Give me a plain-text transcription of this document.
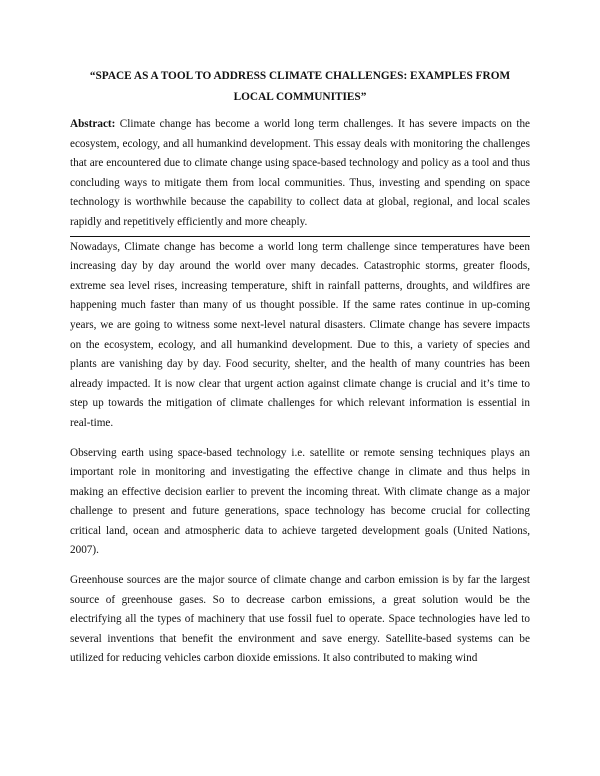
“SPACE AS A TOOL TO ADDRESS CLIMATE CHALLENGES: EXAMPLES FROM LOCAL COMMUNITIES”

Abstract: Climate change has become a world long term challenges. It has severe impacts on the ecosystem, ecology, and all humankind development. This essay deals with monitoring the challenges that are encountered due to climate change using space-based technology and policy as a tool and thus concluding ways to mitigate them from local communities. Thus, investing and spending on space technology is worthwhile because the capability to collect data at global, regional, and local scales rapidly and repetitively efficiently and more cheaply.

Nowadays, Climate change has become a world long term challenge since temperatures have been increasing day by day around the world over many decades. Catastrophic storms, greater floods, extreme sea level rises, increasing temperature, shift in rainfall patterns, droughts, and wildfires are happening much faster than many of us thought possible. If the same rates continue in up-coming years, we are going to witness some next-level natural disasters. Climate change has severe impacts on the ecosystem, ecology, and all humankind development. Due to this, a variety of species and plants are vanishing day by day. Food security, shelter, and the health of many countries has been already impacted. It is now clear that urgent action against climate change is crucial and it’s time to step up towards the mitigation of climate challenges for which relevant information is essential in real-time.

Observing earth using space-based technology i.e. satellite or remote sensing techniques plays an important role in monitoring and investigating the effective change in climate and thus helps in making an effective decision earlier to prevent the incoming threat. With climate change as a major challenge to present and future generations, space technology has become crucial for collecting critical land, ocean and atmospheric data to achieve targeted development goals (United Nations, 2007).

Greenhouse sources are the major source of climate change and carbon emission is by far the largest source of greenhouse gases. So to decrease carbon emissions, a great solution would be the electrifying all the types of machinery that use fossil fuel to operate. Space technologies have led to several inventions that benefit the environment and save energy. Satellite-based systems can be utilized for reducing vehicles carbon dioxide emissions. It also contributed to making wind
